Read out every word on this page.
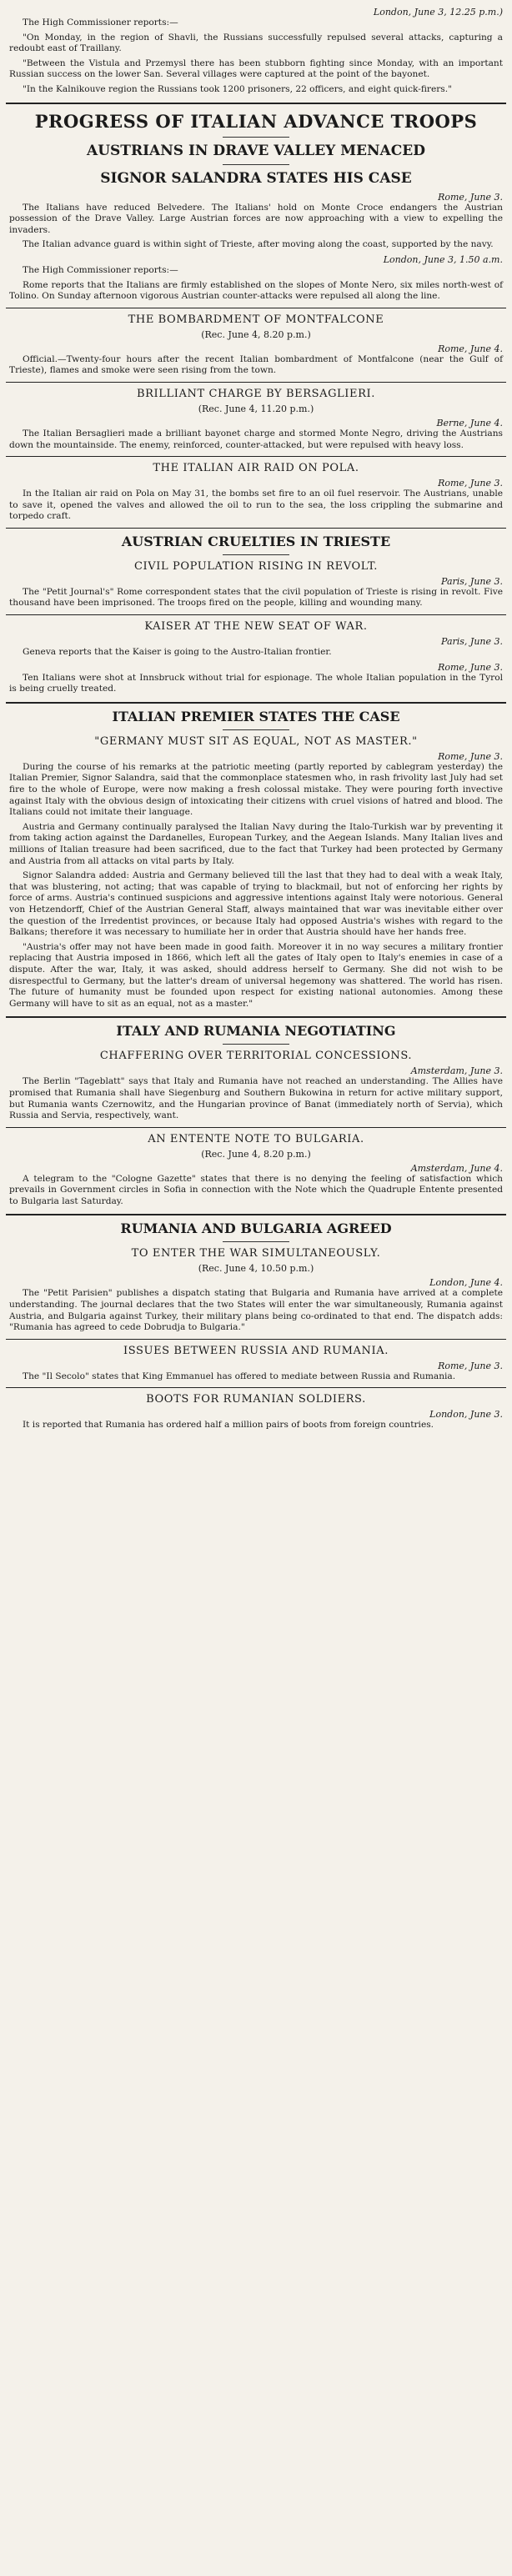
London, June 3, 12.25 p.m.)

The High Commissioner reports:—

"On Monday, in the region of Shavli, the Russians successfully repulsed several attacks, capturing a redoubt east of Traillany.

"Between the Vistula and Przemysl there has been stubborn fighting since Monday, with an important Russian success on the lower San. Several villages were captured at the point of the bayonet.

"In the Kalnikouve region the Russians took 1200 prisoners, 22 officers, and eight quick-firers."

PROGRESS OF ITALIAN ADVANCE TROOPS
AUSTRIANS IN DRAVE VALLEY MENACED
SIGNOR SALANDRA STATES HIS CASE
Rome, June 3.

The Italians have reduced Belvedere. The Italians' hold on Monte Croce endangers the Austrian possession of the Drave Valley. Large Austrian forces are now approaching with a view to expelling the invaders.

The Italian advance guard is within sight of Trieste, after moving along the coast, supported by the navy.

London, June 3, 1.50 a.m.

The High Commissioner reports:—

Rome reports that the Italians are firmly established on the slopes of Monte Nero, six miles north-west of Tolino. On Sunday afternoon vigorous Austrian counter-attacks were repulsed all along the line.

THE BOMBARDMENT OF MONTFALCONE
(Rec. June 4, 8.20 p.m.)
Rome, June 4.

Official.—Twenty-four hours after the recent Italian bombardment of Montfalcone (near the Gulf of Trieste), flames and smoke were seen rising from the town.

BRILLIANT CHARGE BY BERSAGLIERI.
(Rec. June 4, 11.20 p.m.)
Berne, June 4.

The Italian Bersaglieri made a brilliant bayonet charge and stormed Monte Negro, driving the Austrians down the mountainside. The enemy, reinforced, counter-attacked, but were repulsed with heavy loss.

THE ITALIAN AIR RAID ON POLA.
Rome, June 3.

In the Italian air raid on Pola on May 31, the bombs set fire to an oil fuel reservoir. The Austrians, unable to save it, opened the valves and allowed the oil to run to the sea, the loss crippling the submarine and torpedo craft.

AUSTRIAN CRUELTIES IN TRIESTE
CIVIL POPULATION RISING IN REVOLT.
Paris, June 3.

The "Petit Journal's" Rome correspondent states that the civil population of Trieste is rising in revolt. Five thousand have been imprisoned. The troops fired on the people, killing and wounding many.

KAISER AT THE NEW SEAT OF WAR.
Paris, June 3.

Geneva reports that the Kaiser is going to the Austro-Italian frontier.

Rome, June 3.

Ten Italians were shot at Innsbruck without trial for espionage. The whole Italian population in the Tyrol is being cruelly treated.

ITALIAN PREMIER STATES THE CASE
"GERMANY MUST SIT AS EQUAL, NOT AS MASTER."
Rome, June 3.

During the course of his remarks at the patriotic meeting (partly reported by cablegram yesterday) the Italian Premier, Signor Salandra, said that the commonplace statesmen who, in rash frivolity last July had set fire to the whole of Europe, were now making a fresh colossal mistake. They were pouring forth invective against Italy with the obvious design of intoxicating their citizens with cruel visions of hatred and blood. The Italians could not imitate their language.

Austria and Germany continually paralysed the Italian Navy during the Italo-Turkish war by preventing it from taking action against the Dardanelles, European Turkey, and the Aegean Islands. Many Italian lives and millions of Italian treasure had been sacrificed, due to the fact that Turkey had been protected by Germany and Austria from all attacks on vital parts by Italy.

Signor Salandra added: Austria and Germany believed till the last that they had to deal with a weak Italy, that was blustering, not acting; that was capable of trying to blackmail, but not of enforcing her rights by force of arms. Austria's continued suspicions and aggressive intentions against Italy were notorious. General von Hetzendorff, Chief of the Austrian General Staff, always maintained that war was inevitable either over the question of the Irredentist provinces, or because Italy had opposed Austria's wishes with regard to the Balkans; therefore it was necessary to humiliate her in order that Austria should have her hands free.

"Austria's offer may not have been made in good faith. Moreover it in no way secures a military frontier replacing that Austria imposed in 1866, which left all the gates of Italy open to Italy's enemies in case of a dispute. After the war, Italy, it was asked, should address herself to Germany. She did not wish to be disrespectful to Germany, but the latter's dream of universal hegemony was shattered. The world has risen. The future of humanity must be founded upon respect for existing national autonomies. Among these Germany will have to sit as an equal, not as a master."

ITALY AND RUMANIA NEGOTIATING
CHAFFERING OVER TERRITORIAL CONCESSIONS.
Amsterdam, June 3.

The Berlin "Tageblatt" says that Italy and Rumania have not reached an understanding. The Allies have promised that Rumania shall have Siegenburg and Southern Bukowina in return for active military support, but Rumania wants Czernowitz, and the Hungarian province of Banat (immediately north of Servia), which Russia and Servia, respectively, want.

AN ENTENTE NOTE TO BULGARIA.
(Rec. June 4, 8.20 p.m.)
Amsterdam, June 4.

A telegram to the "Cologne Gazette" states that there is no denying the feeling of satisfaction which prevails in Government circles in Sofia in connection with the Note which the Quadruple Entente presented to Bulgaria last Saturday.

RUMANIA AND BULGARIA AGREED
TO ENTER THE WAR SIMULTANEOUSLY.
(Rec. June 4, 10.50 p.m.)
London, June 4.

The "Petit Parisien" publishes a dispatch stating that Bulgaria and Rumania have arrived at a complete understanding. The journal declares that the two States will enter the war simultaneously, Rumania against Austria, and Bulgaria against Turkey, their military plans being co-ordinated to that end. The dispatch adds: "Rumania has agreed to cede Dobrudja to Bulgaria."

ISSUES BETWEEN RUSSIA AND RUMANIA.
Rome, June 3.

The "Il Secolo" states that King Emmanuel has offered to mediate between Russia and Rumania.

BOOTS FOR RUMANIAN SOLDIERS.
London, June 3.

It is reported that Rumania has ordered half a million pairs of boots from foreign countries.
